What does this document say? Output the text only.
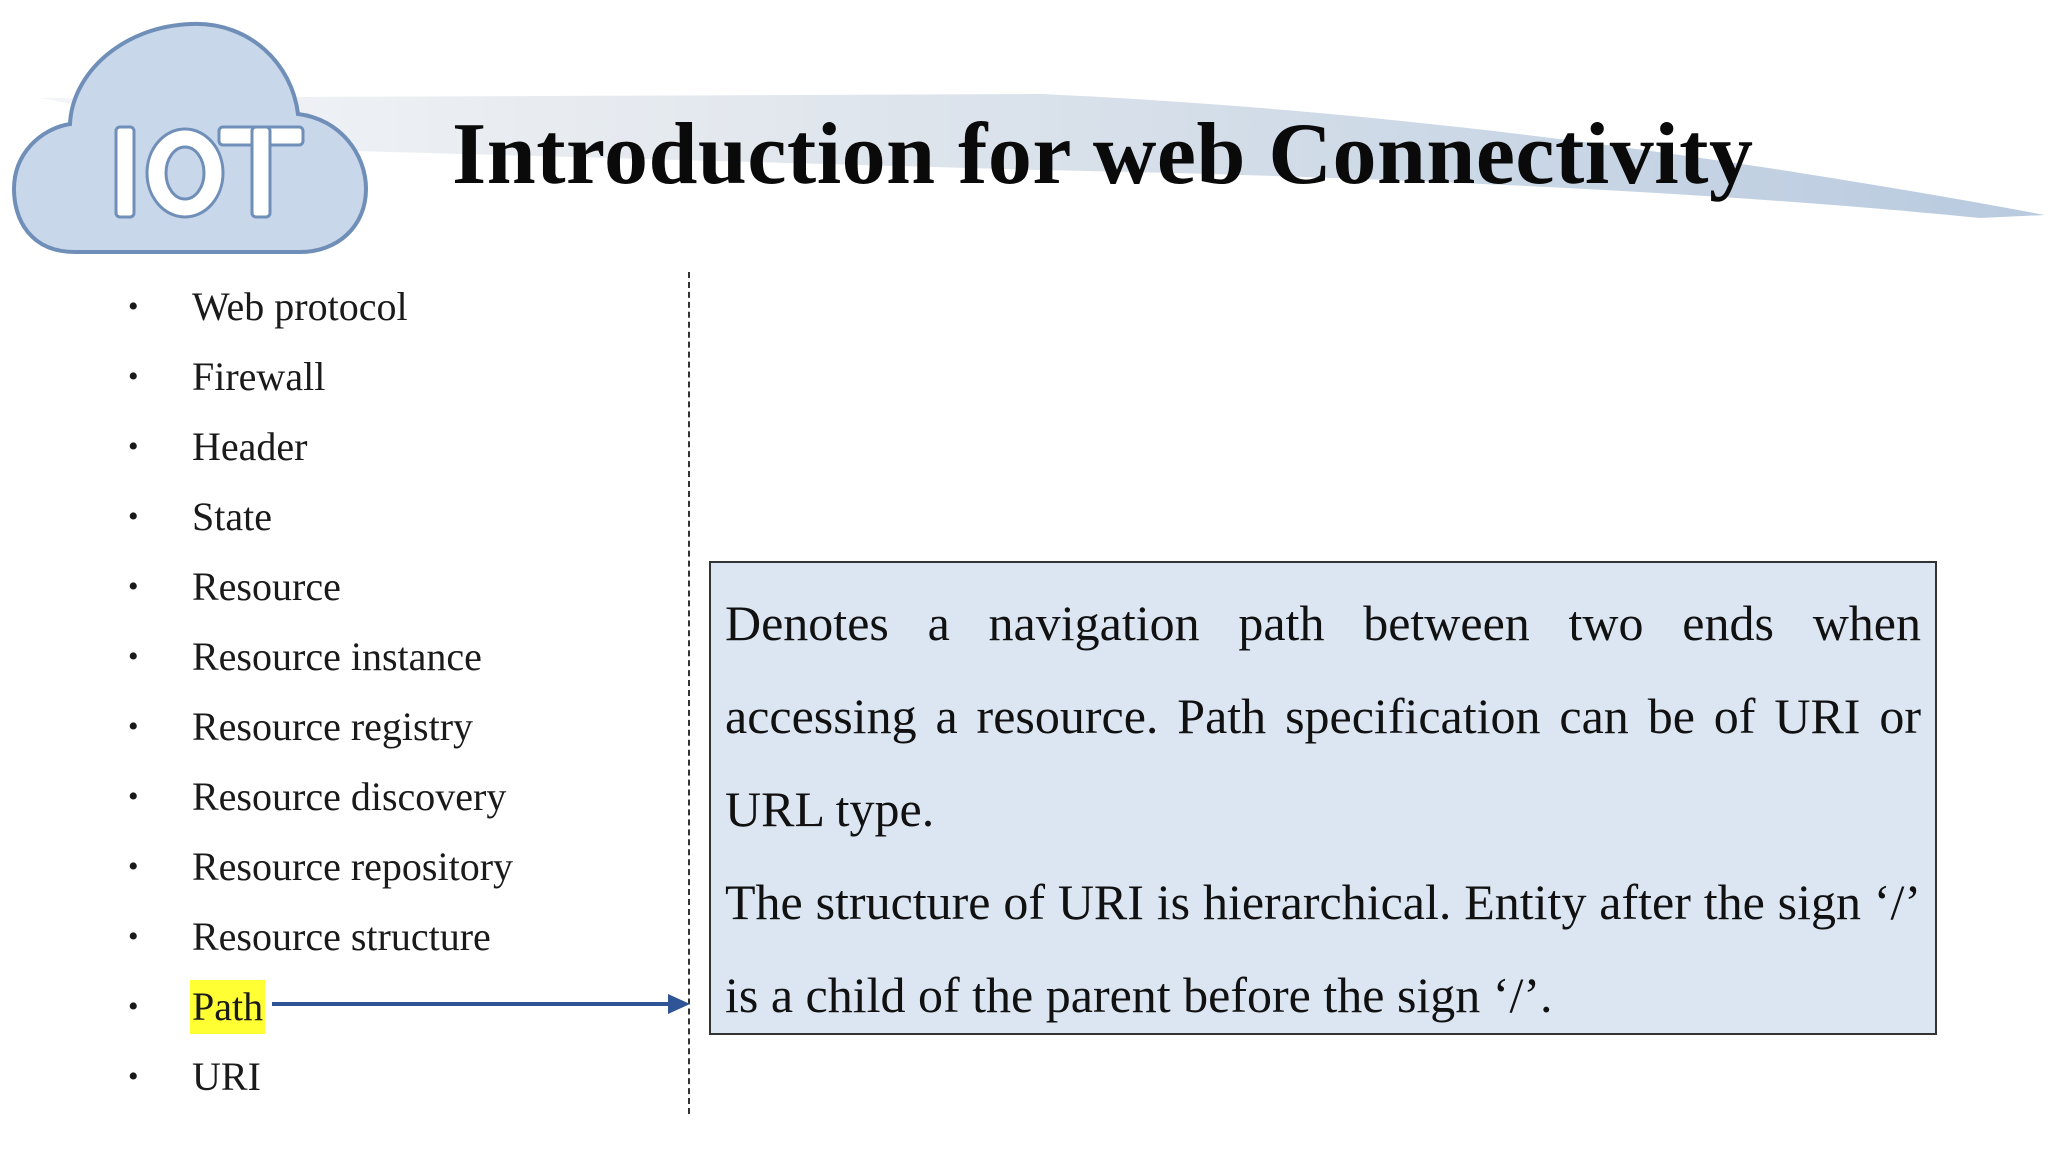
Introduction for web Connectivity
• Web protocol
• Firewall
• Header
• State
• Resource
• Resource instance
• Resource registry
• Resource discovery
• Resource repository
• Resource structure
• Path
• URI

Denotes a navigation path between two ends when accessing a resource. Path specification can be of URI or URL type.

The structure of URI is hierarchical. Entity after the sign ‘/’ is a child of the parent before the sign ‘/’.
